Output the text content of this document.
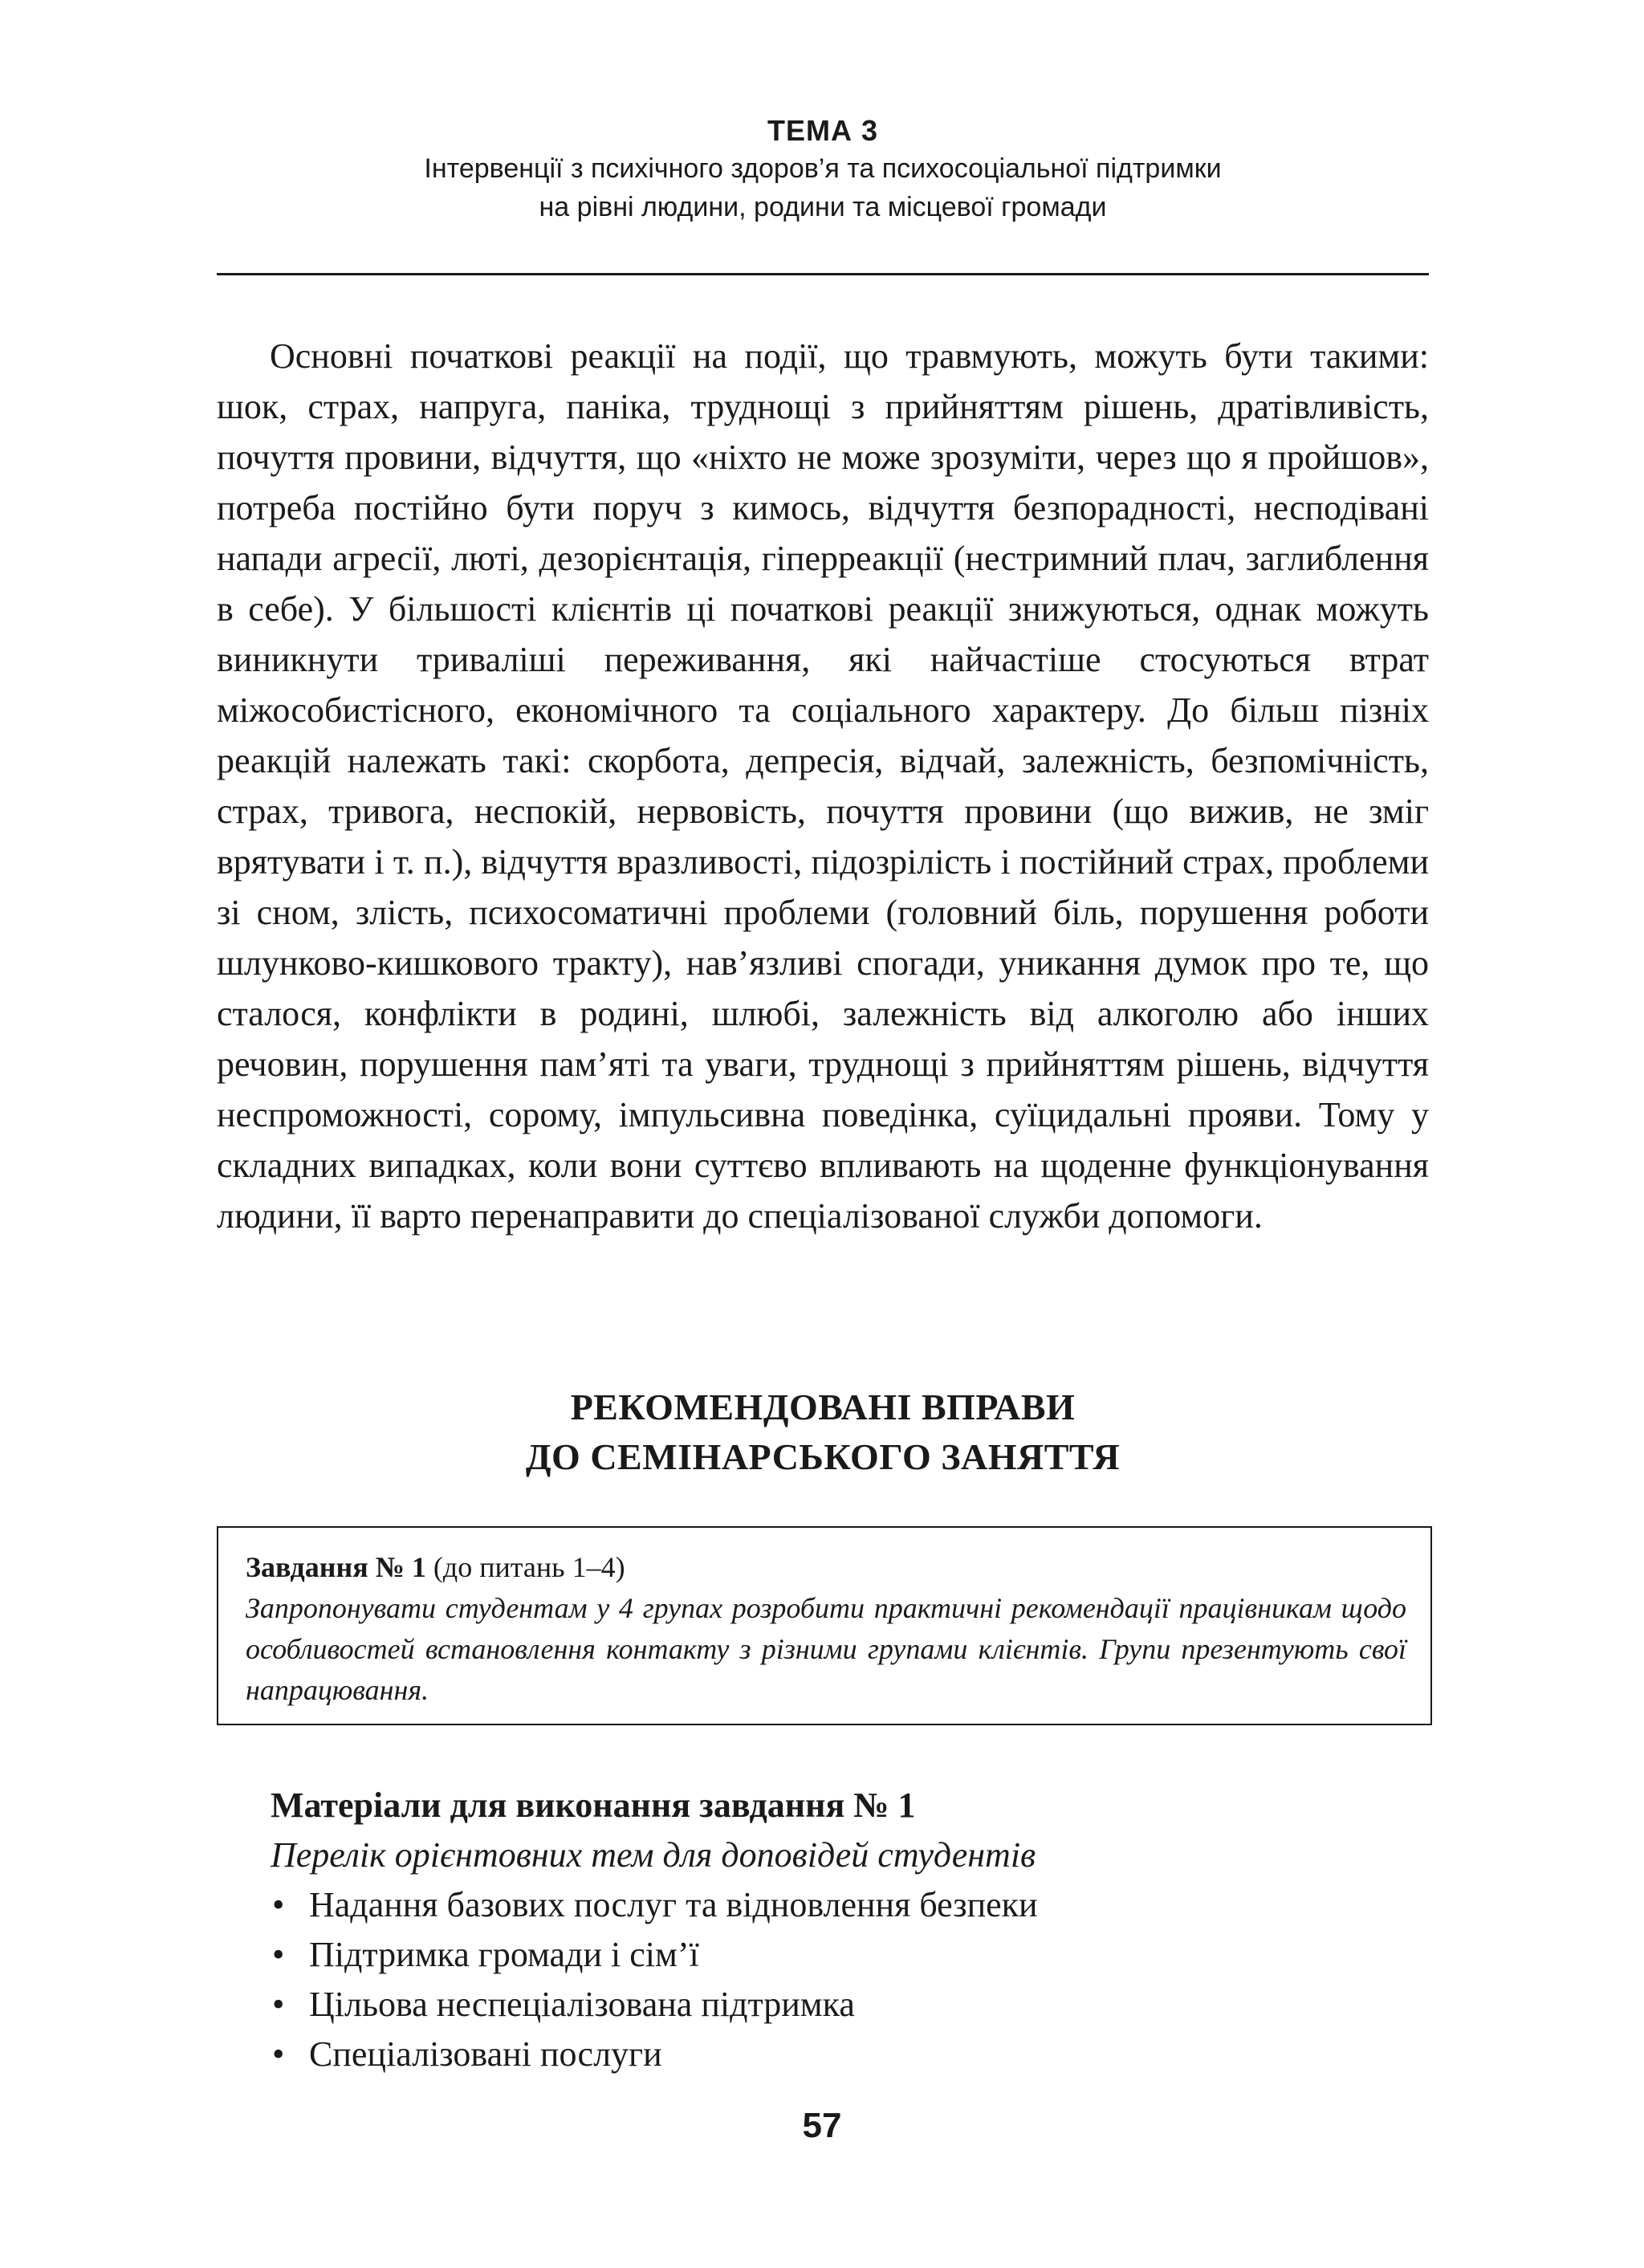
ТЕМА 3
Інтервенції з психічного здоров’я та психосоціальної підтримки
на рівні людини, родини та місцевої громади

Основні початкові реакції на події, що травмують, можуть бути такими: шок, страх, напруга, паніка, труднощі з прийняттям рішень, дратівливість, почуття провини, відчуття, що «ніхто не може зрозуміти, через що я пройшов», потреба постійно бути поруч з кимось, відчуття безпорадності, несподівані напади агресії, люті, дезорієнтація, гіперреакції (нестримний плач, заглиблення в себе). У більшості клієнтів ці початкові реакції знижуються, однак можуть виникнути триваліші переживання, які найчастіше стосуються втрат міжособистісного, економічного та соціального характеру. До більш пізніх реакцій належать такі: скорбота, депресія, відчай, залежність, безпомічність, страх, тривога, неспокій, нервовість, почуття провини (що вижив, не зміг врятувати і т. п.), відчуття вразливості, підозрілість і постійний страх, проблеми зі сном, злість, психосоматичні проблеми (головний біль, порушення роботи шлунково-кишкового тракту), нав’язливі спогади, уникання думок про те, що сталося, конфлікти в родині, шлюбі, залежність від алкоголю або інших речовин, порушення пам’яті та уваги, труднощі з прийняттям рішень, відчуття неспроможності, сорому, імпульсивна поведінка, суїцидальні прояви. Тому у складних випадках, коли вони суттєво впливають на щоденне функціонування людини, її варто перенаправити до спеціалізованої служби допомоги.

РЕКОМЕНДОВАНІ ВПРАВИ
ДО СЕМІНАРСЬКОГО ЗАНЯТТЯ
Завдання № 1 (до питань 1–4)
Запропонувати студентам у 4 групах розробити практичні рекомендації працівникам щодо особливостей встановлення контакту з різними групами клієнтів. Групи презентують свої напрацювання.
Матеріали для виконання завдання № 1
Перелік орієнтовних тем для доповідей студентів
• Надання базових послуг та відновлення безпеки
• Підтримка громади і сім’ї
• Цільова неспеціалізована підтримка
• Спеціалізовані послуги
57
